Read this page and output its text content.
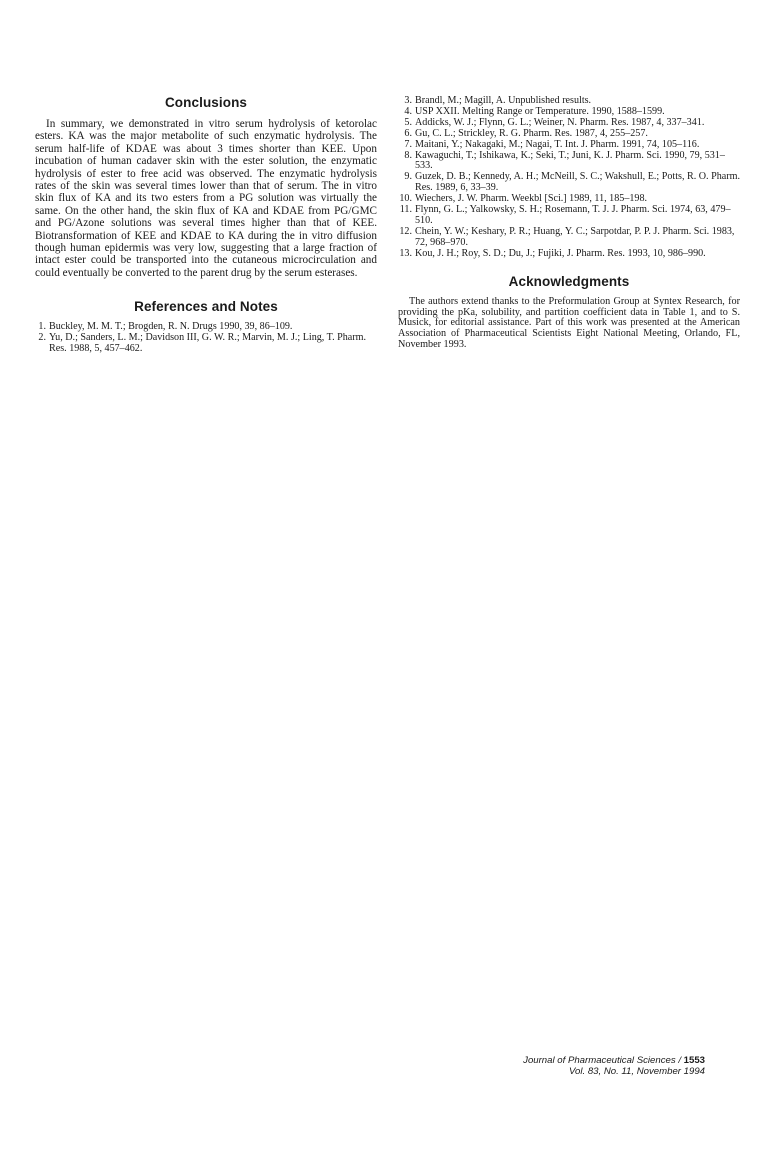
Conclusions

In summary, we demonstrated in vitro serum hydrolysis of ketorolac esters. KA was the major metabolite of such enzymatic hydrolysis. The serum half-life of KDAE was about 3 times shorter than KEE. Upon incubation of human cadaver skin with the ester solution, the enzymatic hydrolysis of ester to free acid was observed. The enzymatic hydrolysis rates of the skin was several times lower than that of serum. The in vitro skin flux of KA and its two esters from a PG solution was virtually the same. On the other hand, the skin flux of KA and KDAE from PG/GMC and PG/Azone solutions was several times higher than that of KEE. Biotransformation of KEE and KDAE to KA during the in vitro diffusion though human epidermis was very low, suggesting that a large fraction of intact ester could be transported into the cutaneous microcirculation and could eventually be converted to the parent drug by the serum esterases.

References and Notes
1. Buckley, M. M. T.; Brogden, R. N. Drugs 1990, 39, 86–109.
2. Yu, D.; Sanders, L. M.; Davidson III, G. W. R.; Marvin, M. J.; Ling, T. Pharm. Res. 1988, 5, 457–462.
3. Brandl, M.; Magill, A. Unpublished results.
4. USP XXII. Melting Range or Temperature. 1990, 1588–1599.
5. Addicks, W. J.; Flynn, G. L.; Weiner, N. Pharm. Res. 1987, 4, 337–341.
6. Gu, C. L.; Strickley, R. G. Pharm. Res. 1987, 4, 255–257.
7. Maitani, Y.; Nakagaki, M.; Nagai, T. Int. J. Pharm. 1991, 74, 105–116.
8. Kawaguchi, T.; Ishikawa, K.; Seki, T.; Juni, K. J. Pharm. Sci. 1990, 79, 531–533.
9. Guzek, D. B.; Kennedy, A. H.; McNeill, S. C.; Wakshull, E.; Potts, R. O. Pharm. Res. 1989, 6, 33–39.
10. Wiechers, J. W. Pharm. Weekbl [Sci.] 1989, 11, 185–198.
11. Flynn, G. L.; Yalkowsky, S. H.; Rosemann, T. J. J. Pharm. Sci. 1974, 63, 479–510.
12. Chein, Y. W.; Keshary, P. R.; Huang, Y. C.; Sarpotdar, P. P. J. Pharm. Sci. 1983, 72, 968–970.
13. Kou, J. H.; Roy, S. D.; Du, J.; Fujiki, J. Pharm. Res. 1993, 10, 986–990.
Acknowledgments

The authors extend thanks to the Preformulation Group at Syntex Research, for providing the pKa, solubility, and partition coefficient data in Table 1, and to S. Musick, for editorial assistance. Part of this work was presented at the American Association of Pharmaceutical Scientists Eight National Meeting, Orlando, FL, November 1993.

Journal of Pharmaceutical Sciences / 1553
Vol. 83, No. 11, November 1994
